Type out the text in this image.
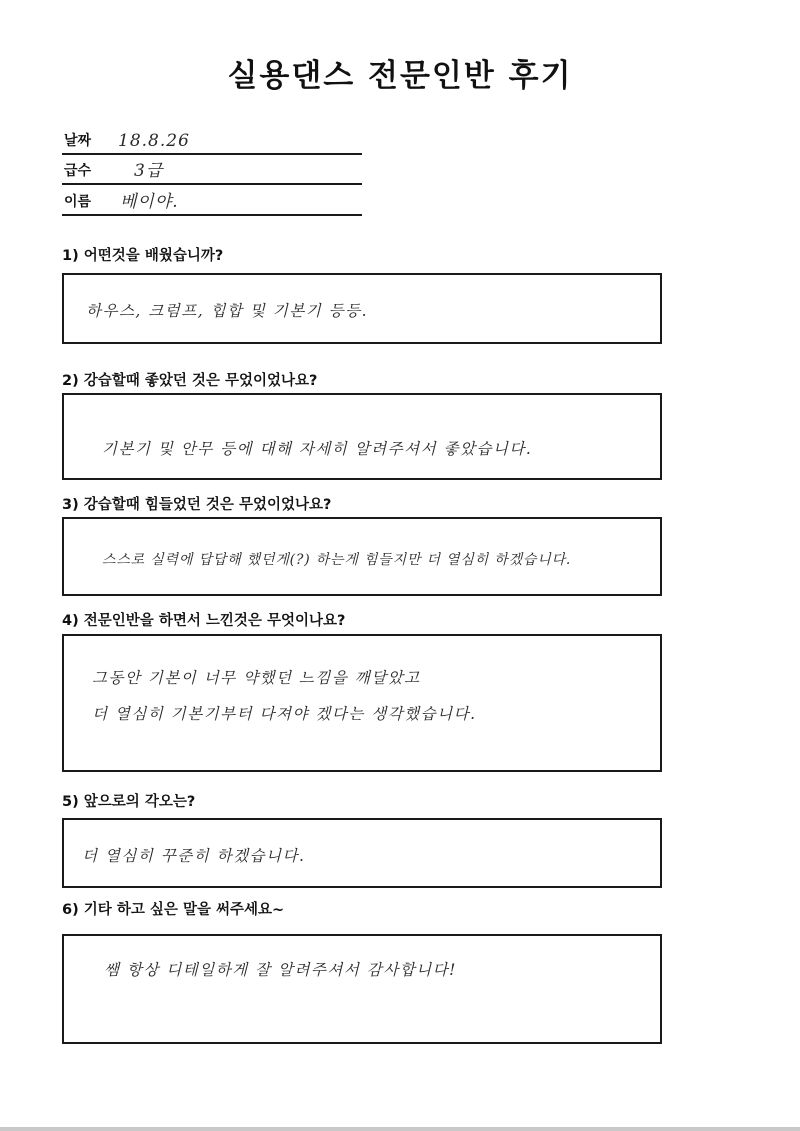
실용댄스 전문인반 후기
날짜 18.8.26
급수	3급
이름 베이야.
1) 어떤것을 배웠습니까?
하우스, 크럼프, 힙합 및 기본기 등등.
2) 강습할때 좋았던 것은 무었이었나요?
기본기 및 안무 등에 대해 자세히 알려주셔서 좋았습니다.
3) 강습할때 힘들었던 것은 무었이었나요?
스스로 실력에 답답해 했던게(?) 하는게 힘들지만 더 열심히 하겠습니다.
4) 전문인반을 하면서 느낀것은 무엇이나요?
그동안 기본이 너무 약했던 느낌을 깨달았고
더 열심히 기본기부터 다져야 겠다는 생각했습니다.
5) 앞으로의 각오는?
더 열심히 꾸준히 하겠습니다.
6) 기타 하고 싶은 말을 써주세요~
쌤 항상 디테일하게 잘 알려주셔서 감사합니다!
